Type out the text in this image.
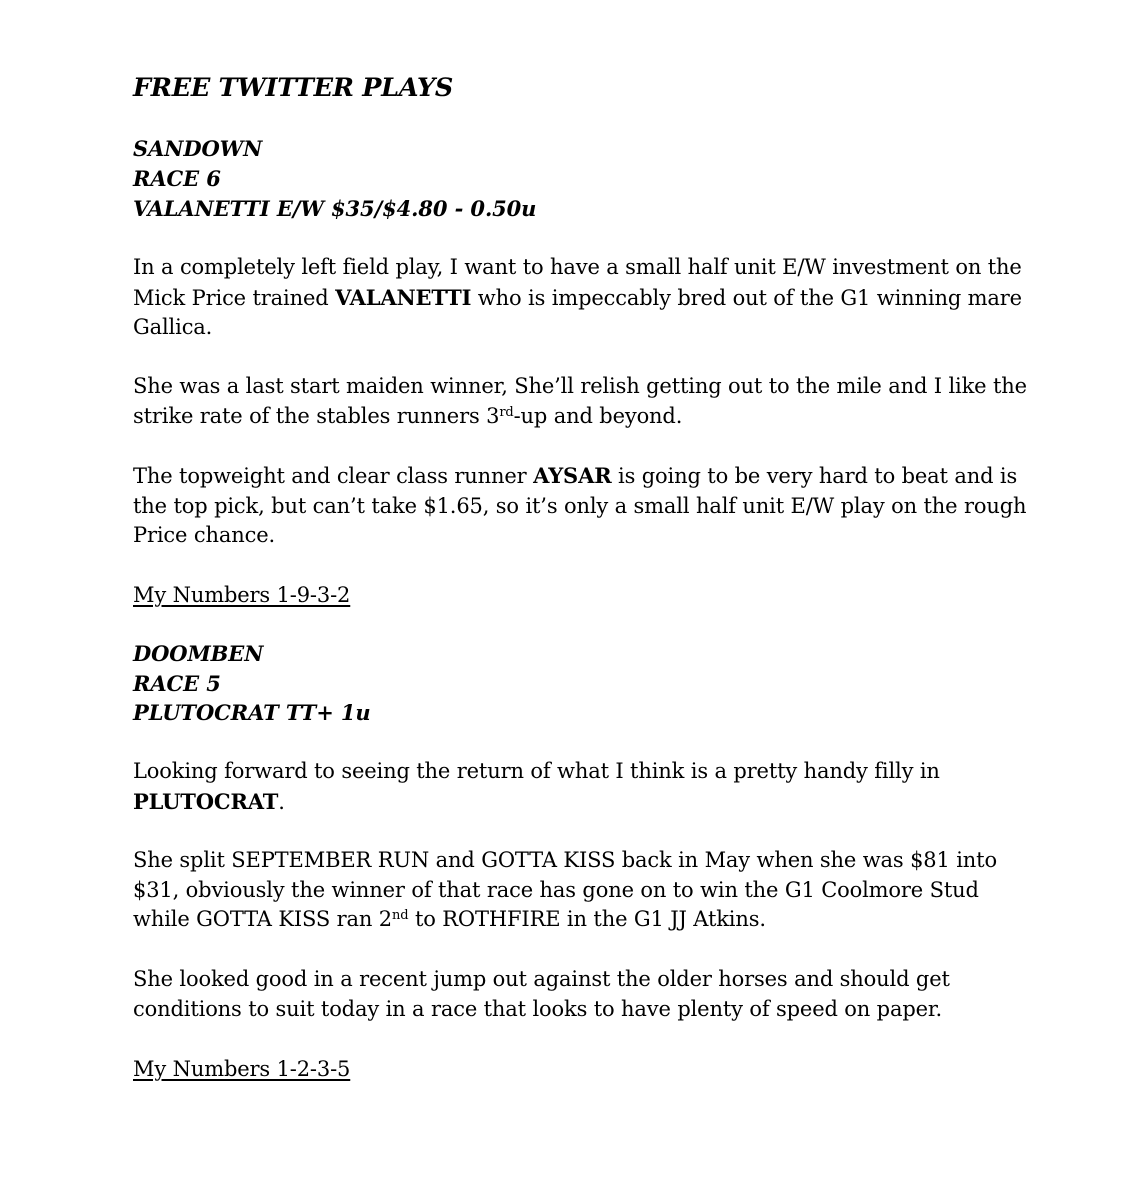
FREE TWITTER PLAYS
SANDOWN
RACE 6
VALANETTI E/W $35/$4.80 - 0.50u

In a completely left field play, I want to have a small half unit E/W investment on the Mick Price trained VALANETTI who is impeccably bred out of the G1 winning mare Gallica.

She was a last start maiden winner, She’ll relish getting out to the mile and I like the strike rate of the stables runners 3rd-up and beyond.

The topweight and clear class runner AYSAR is going to be very hard to beat and is the top pick, but can’t take $1.65, so it’s only a small half unit E/W play on the rough Price chance.

My Numbers 1-9-3-2
DOOMBEN
RACE 5
PLUTOCRAT TT+ 1u

Looking forward to seeing the return of what I think is a pretty handy filly in PLUTOCRAT.

She split SEPTEMBER RUN and GOTTA KISS back in May when she was $81 into $31, obviously the winner of that race has gone on to win the G1 Coolmore Stud while GOTTA KISS ran 2nd to ROTHFIRE in the G1 JJ Atkins.

She looked good in a recent jump out against the older horses and should get conditions to suit today in a race that looks to have plenty of speed on paper.

My Numbers 1-2-3-5
